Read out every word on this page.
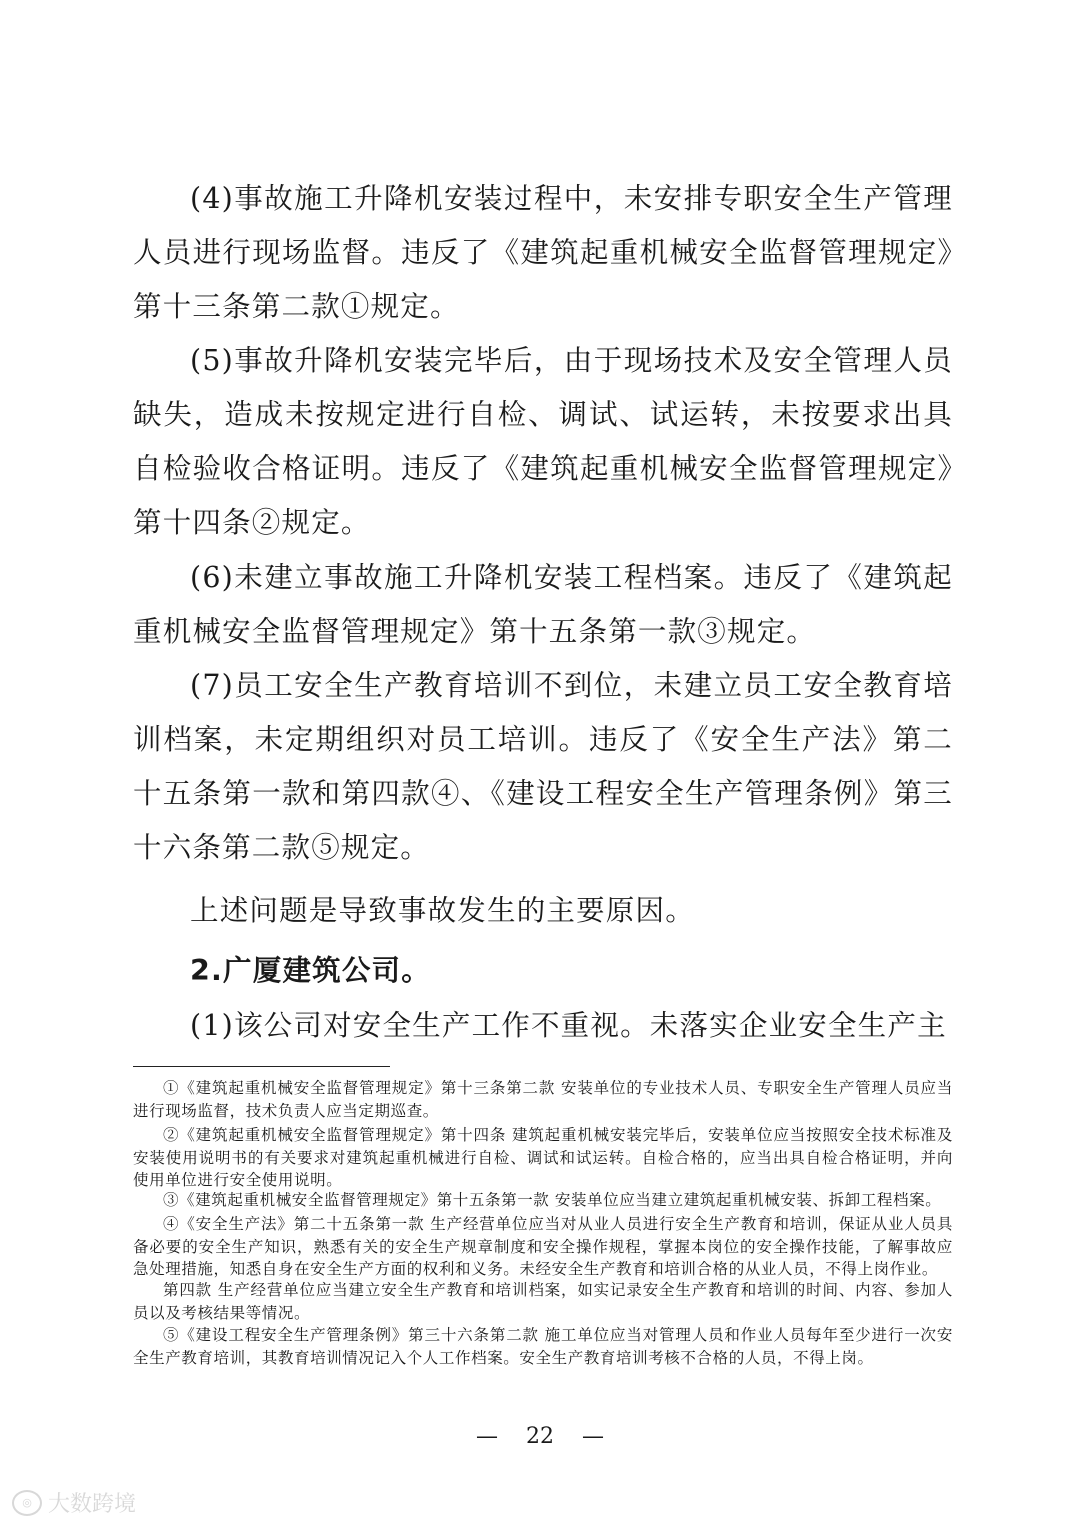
(4)事故施工升降机安装过程中，未安排专职安全生产管理人员进行现场监督。违反了《建筑起重机械安全监督管理规定》第十三条第二款①规定。

(5)事故升降机安装完毕后，由于现场技术及安全管理人员缺失，造成未按规定进行自检、调试、试运转，未按要求出具自检验收合格证明。违反了《建筑起重机械安全监督管理规定》第十四条②规定。

(6)未建立事故施工升降机安装工程档案。违反了《建筑起重机械安全监督管理规定》第十五条第一款③规定。

(7)员工安全生产教育培训不到位，未建立员工安全教育培训档案，未定期组织对员工培训。违反了《安全生产法》第二十五条第一款和第四款④、《建设工程安全生产管理条例》第三十六条第二款⑤规定。

上述问题是导致事故发生的主要原因。

2.广厦建筑公司。

(1)该公司对安全生产工作不重视。未落实企业安全生产主

①《建筑起重机械安全监督管理规定》第十三条第二款 安装单位的专业技术人员、专职安全生产管理人员应当进行现场监督，技术负责人应当定期巡查。

②《建筑起重机械安全监督管理规定》第十四条 建筑起重机械安装完毕后，安装单位应当按照安全技术标准及安装使用说明书的有关要求对建筑起重机械进行自检、调试和试运转。自检合格的，应当出具自检合格证明，并向使用单位进行安全使用说明。

③《建筑起重机械安全监督管理规定》第十五条第一款 安装单位应当建立建筑起重机械安装、拆卸工程档案。

④《安全生产法》第二十五条第一款 生产经营单位应当对从业人员进行安全生产教育和培训，保证从业人员具备必要的安全生产知识，熟悉有关的安全生产规章制度和安全操作规程，掌握本岗位的安全操作技能，了解事故应急处理措施，知悉自身在安全生产方面的权利和义务。未经安全生产教育和培训合格的从业人员，不得上岗作业。

第四款 生产经营单位应当建立安全生产教育和培训档案，如实记录安全生产教育和培训的时间、内容、参加人员以及考核结果等情况。

⑤《建设工程安全生产管理条例》第三十六条第二款 施工单位应当对管理人员和作业人员每年至少进行一次安全生产教育培训，其教育培训情况记入个人工作档案。安全生产教育培训考核不合格的人员，不得上岗。

— 22 —
◎ 大数跨境
